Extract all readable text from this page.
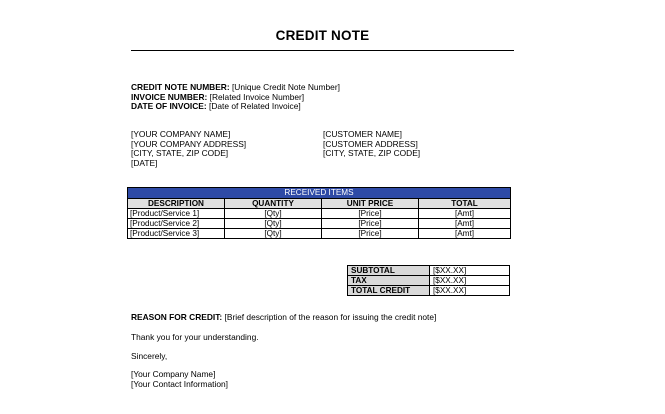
CREDIT NOTE
CREDIT NOTE NUMBER: [Unique Credit Note Number]
INVOICE NUMBER: [Related Invoice Number]
DATE OF INVOICE: [Date of Related Invoice]
[YOUR COMPANY NAME]
[YOUR COMPANY ADDRESS]
[CITY, STATE, ZIP CODE]
[DATE]
[CUSTOMER NAME]
[CUSTOMER ADDRESS]
[CITY, STATE, ZIP CODE]
RECEIVED ITEMS			
DESCRIPTION	QUANTITY	UNIT PRICE	TOTAL
[Product/Service 1]	[Qty]	[Price]	[Amt]
[Product/Service 2]	[Qty]	[Price]	[Amt]
[Product/Service 3]	[Qty]	[Price]	[Amt]
SUBTOTAL	[$XX.XX]
TAX	[$XX.XX]
TOTAL CREDIT	[$XX.XX]
REASON FOR CREDIT: [Brief description of the reason for issuing the credit note]
Thank you for your understanding.
Sincerely,
[Your Company Name]
[Your Contact Information]
